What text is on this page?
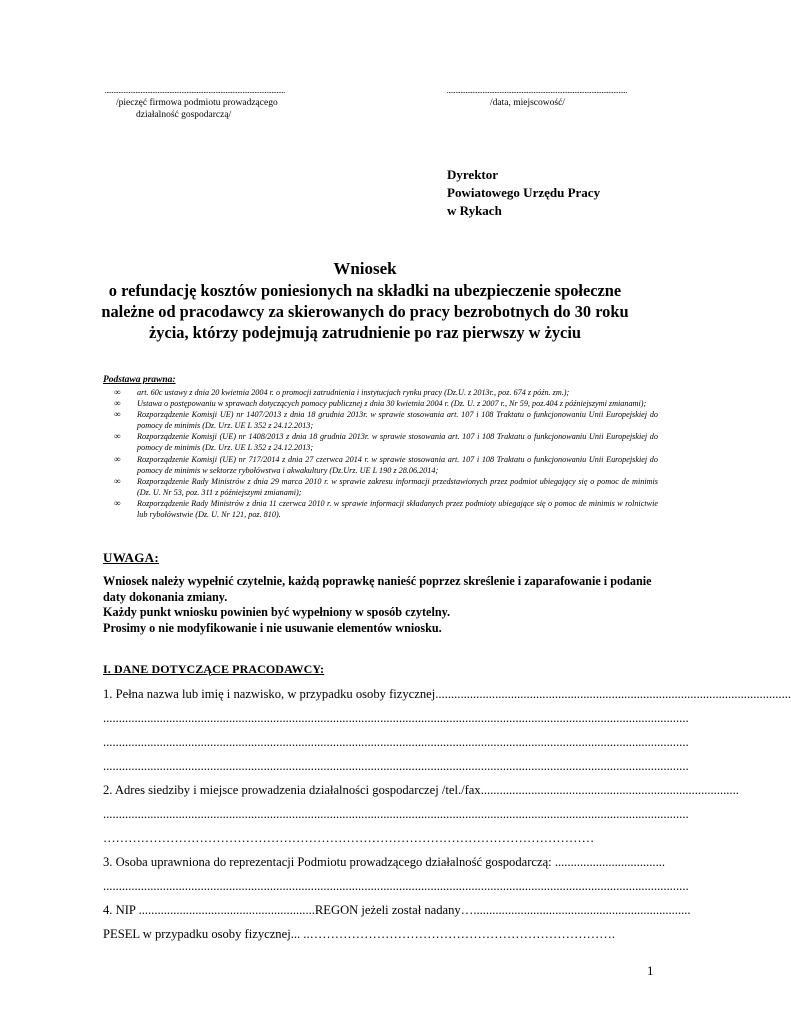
..........................................................................................................
/pieczęć firmowa podmiotu prowadzącego
działalność gospodarczą/
..........................................................................................................
/data, miejscowość/
Dyrektor
Powiatowego Urzędu Pracy
w Rykach
Wniosek
o refundację kosztów poniesionych na składki na ubezpieczenie społeczne
należne od pracodawcy za skierowanych do pracy bezrobotnych do 30 roku
życia, którzy podejmują zatrudnienie po raz pierwszy w życiu
Podstawa prawna:
∞ art. 60c ustawy z dnia 20 kwietnia 2004 r. o promocji zatrudnienia i instytucjach rynku pracy (Dz.U. z 2013r., poz. 674 z późn. zm.);
∞ Ustawa o postępowaniu w sprawach dotyczących pomocy publicznej z dnia 30 kwietnia 2004 r. (Dz. U. z 2007 r., Nr 59, poz.404 z późniejszymi zmianami);
∞ Rozporządzenie Komisji UE) nr 1407/2013 z dnia 18 grudnia 2013r. w sprawie stosowania art. 107 i 108 Traktatu o funkcjonowaniu Unii Europejskiej do pomocy de minimis (Dz. Urz. UE L 352 z 24.12.2013;
∞ Rozporządzenie Komisji (UE) nr 1408/2013 z dnia 18 grudnia 2013r. w sprawie stosowania art. 107 i 108 Traktatu o funkcjonowaniu Unii Europejskiej do pomocy de minimis (Dz. Urz. UE L 352 z 24.12.2013;
∞ Rozporządzenie Komisji (UE) nr 717/2014 z dnia 27 czerwca 2014 r. w sprawie stosowania art. 107 i 108 Traktatu o funkcjonowaniu Unii Europejskiej do pomocy de minimis w sektorze rybołówstwa i akwakultury (Dz.Urz. UE L 190 z 28.06.2014;
∞ Rozporządzenie Rady Ministrów z dnia 29 marca 2010 r. w sprawie zakresu informacji przedstawionych przez podmiot ubiegający się o pomoc de minimis (Dz. U. Nr 53, poz. 311 z późniejszymi zmianami);
∞ Rozporządzenie Rady Ministrów z dnia 11 czerwca 2010 r. w sprawie informacji składanych przez podmioty ubiegające się o pomoc de minimis w rolnictwie lub rybołówstwie (Dz. U. Nr 121, poz. 810).
UWAGA:
Wniosek należy wypełnić czytelnie, każdą poprawkę nanieść poprzez skreślenie i zaparafowanie i podanie daty dokonania zmiany.
Każdy punkt wniosku powinien być wypełniony w sposób czytelny.
Prosimy o nie modyfikowanie i nie usuwanie elementów wniosku.
I. DANE DOTYCZĄCE PRACODAWCY:
1. Pełna nazwa lub imię i nazwisko, w przypadku osoby fizycznej.................................................................................................................
..........................................................................................................................................................................................
..........................................................................................................................................................................................
..........................................................................................................................................................................................
2. Adres siedziby i miejsce prowadzenia działalności gospodarczej /tel./fax..................................................................................
..........................................................................................................................................................................................
………………………………………………………………………………………………………
3. Osoba uprawniona do reprezentacji Podmiotu prowadzącego działalność gospodarczą: ...................................
..........................................................................................................................................................................................
4. NIP ........................................................REGON jeżeli został nadany….....................................................................
PESEL w przypadku osoby fizycznej... ..……………………………………………………………….
1
